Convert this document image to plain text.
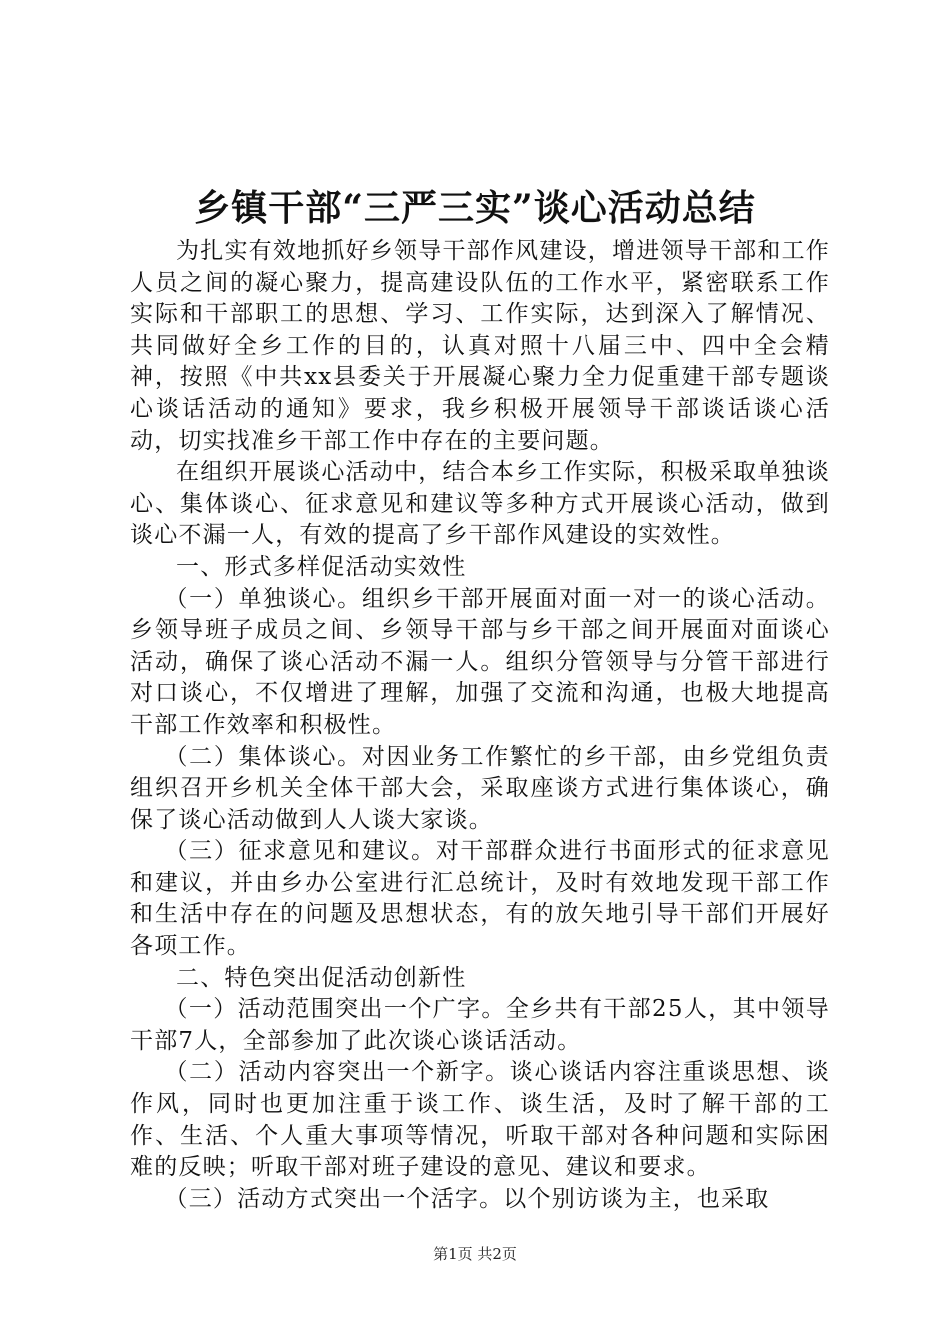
乡镇干部“三严三实”谈心活动总结

为扎实有效地抓好乡领导干部作风建设，增进领导干部和工作人员之间的凝心聚力，提高建设队伍的工作水平，紧密联系工作实际和干部职工的思想、学习、工作实际，达到深入了解情况、共同做好全乡工作的目的，认真对照十八届三中、四中全会精神，按照《中共xx县委关于开展凝心聚力全力促重建干部专题谈心谈话活动的通知》要求，我乡积极开展领导干部谈话谈心活动，切实找准乡干部工作中存在的主要问题。

在组织开展谈心活动中，结合本乡工作实际，积极采取单独谈心、集体谈心、征求意见和建议等多种方式开展谈心活动，做到谈心不漏一人，有效的提高了乡干部作风建设的实效性。

一、形式多样促活动实效性

（一）单独谈心。组织乡干部开展面对面一对一的谈心活动。乡领导班子成员之间、乡领导干部与乡干部之间开展面对面谈心活动，确保了谈心活动不漏一人。组织分管领导与分管干部进行对口谈心，不仅增进了理解，加强了交流和沟通，也极大地提高干部工作效率和积极性。

（二）集体谈心。对因业务工作繁忙的乡干部，由乡党组负责组织召开乡机关全体干部大会，采取座谈方式进行集体谈心，确保了谈心活动做到人人谈大家谈。

（三）征求意见和建议。对干部群众进行书面形式的征求意见和建议，并由乡办公室进行汇总统计，及时有效地发现干部工作和生活中存在的问题及思想状态，有的放矢地引导干部们开展好各项工作。

二、特色突出促活动创新性

（一）活动范围突出一个广字。全乡共有干部25人，其中领导干部7人，全部参加了此次谈心谈话活动。

（二）活动内容突出一个新字。谈心谈话内容注重谈思想、谈作风，同时也更加注重于谈工作、谈生活，及时了解干部的工作、生活、个人重大事项等情况，听取干部对各种问题和实际困难的反映；听取干部对班子建设的意见、建议和要求。

（三）活动方式突出一个活字。以个别访谈为主，也采取

第1页 共2页
